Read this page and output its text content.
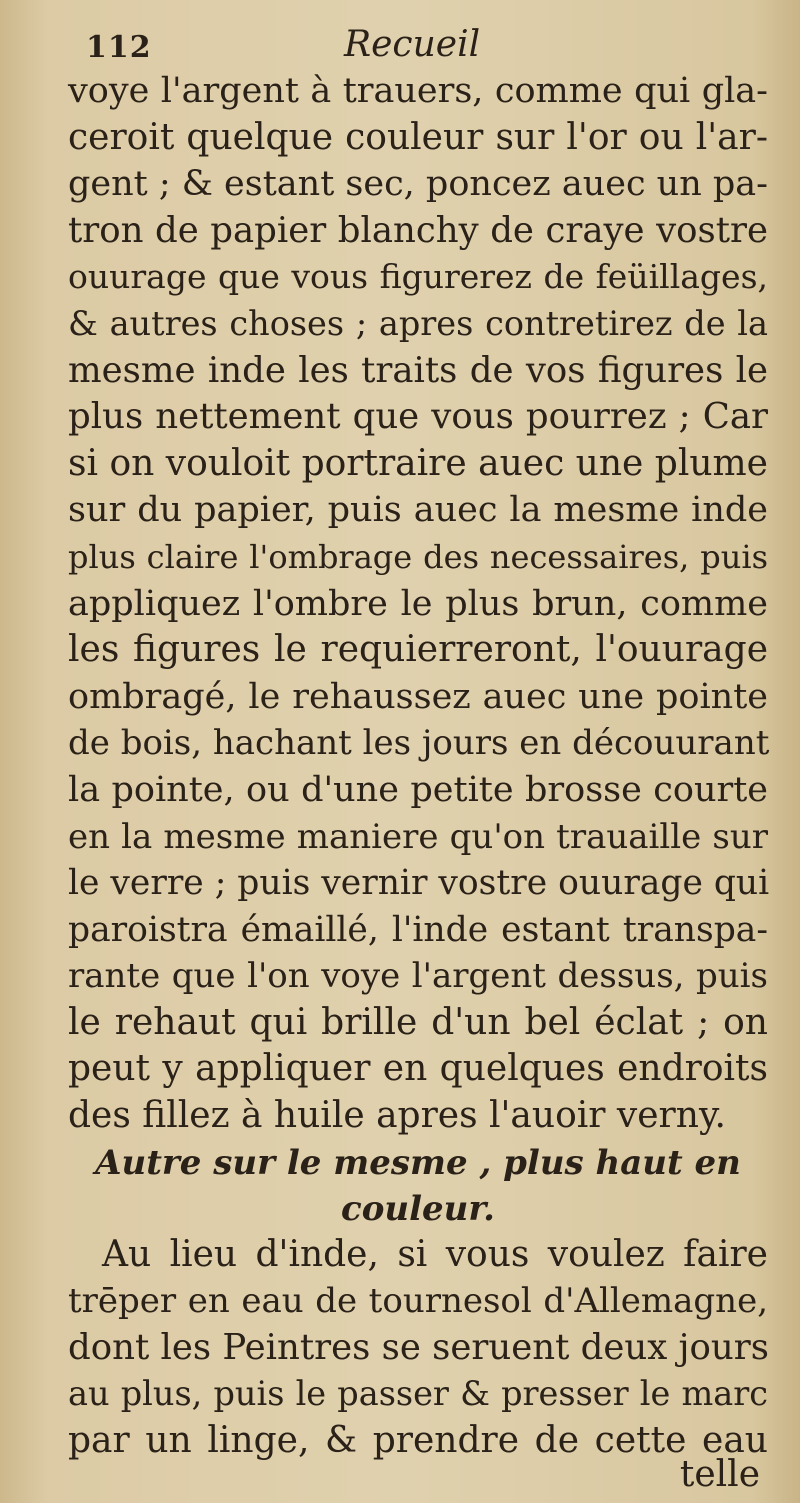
112	Recueil
voye l'argent à trauers, comme qui gla-
ceroit quelque couleur sur l'or ou l'ar-
gent ; & estant sec, poncez auec un pa-
tron de papier blanchy de craye vostre
ouurage que vous figurerez de feüillages,
& autres choses ; apres contretirez de la
mesme inde les traits de vos figures le
plus nettement que vous pourrez ; Car
si on vouloit portraire auec une plume
sur du papier, puis auec la mesme inde
plus claire l'ombrage des necessaires, puis
appliquez l'ombre le plus brun, comme
les figures le requierreront, l'ouurage
ombragé, le rehaussez auec une pointe
de bois, hachant les jours en découurant
la pointe, ou d'une petite brosse courte
en la mesme maniere qu'on trauaille sur
le verre ; puis vernir vostre ouurage qui
paroistra émaillé, l'inde estant transpa-
rante que l'on voye l'argent dessus, puis
le rehaut qui brille d'un bel éclat ; on
peut y appliquer en quelques endroits
des fillez à huile apres l'auoir verny.
Autre sur le mesme , plus haut en
couleur.
Au lieu d'inde, si vous voulez faire
trēper en eau de tournesol d'Allemagne,
dont les Peintres se seruent deux jours
au plus, puis le passer & presser le marc
par un linge, & prendre de cette eau
telle
